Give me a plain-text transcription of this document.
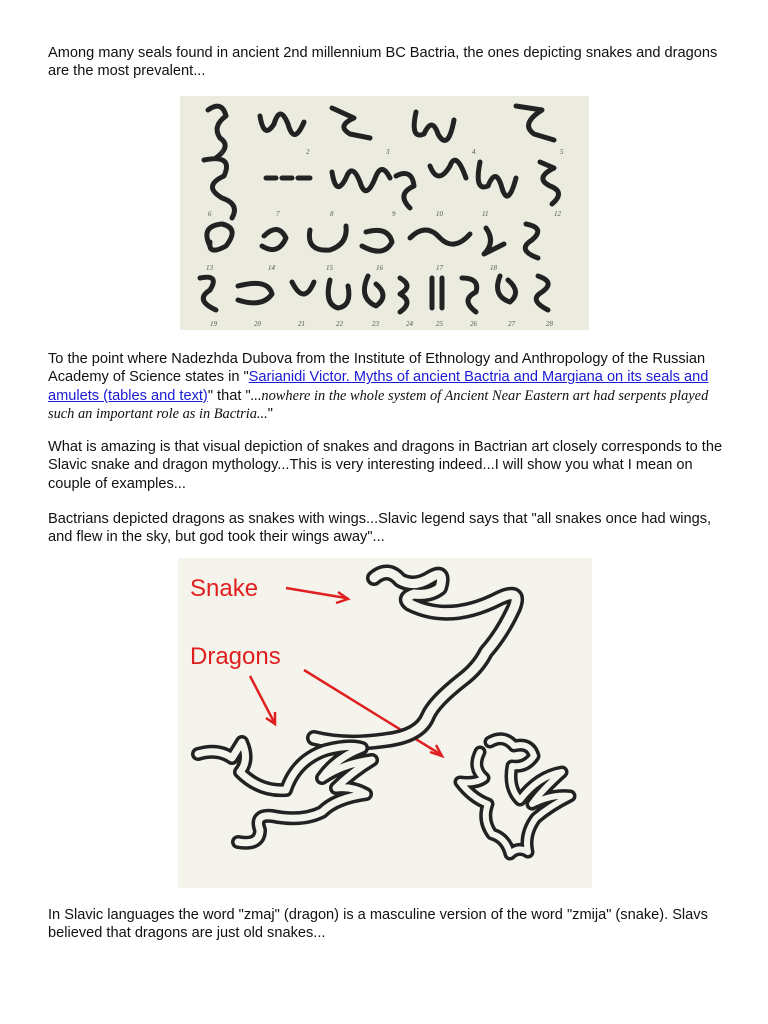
Among many seals found in ancient 2nd millennium BC Bactria, the ones depicting snakes and dragons are the most prevalent...

1	2	3	4	5
6	7	8	9	10	11	12
13	14	15	16	17	18
19	20	21	22	23	24	25	26	27	28

To the point where Nadezhda Dubova from the Institute of Ethnology and Anthropology of the Russian Academy of Science states in "Sarianidi Victor. Myths of ancient Bactria and Margiana on its seals and amulets (tables and text)" that "...nowhere in the whole system of Ancient Near Eastern art had serpents played such an important role as in Bactria..."

What is amazing is that visual depiction of snakes and dragons in Bactrian art closely corresponds to the Slavic snake and dragon mythology...This is very interesting indeed...I will show you what I mean on couple of examples...

Bactrians depicted dragons as snakes with wings...Slavic legend says that "all snakes once had wings, and flew in the sky, but god took their wings away"...

Snake
Dragons

In Slavic languages the word "zmaj" (dragon) is a masculine version of the word "zmija" (snake). Slavs believed that dragons are just old snakes...
